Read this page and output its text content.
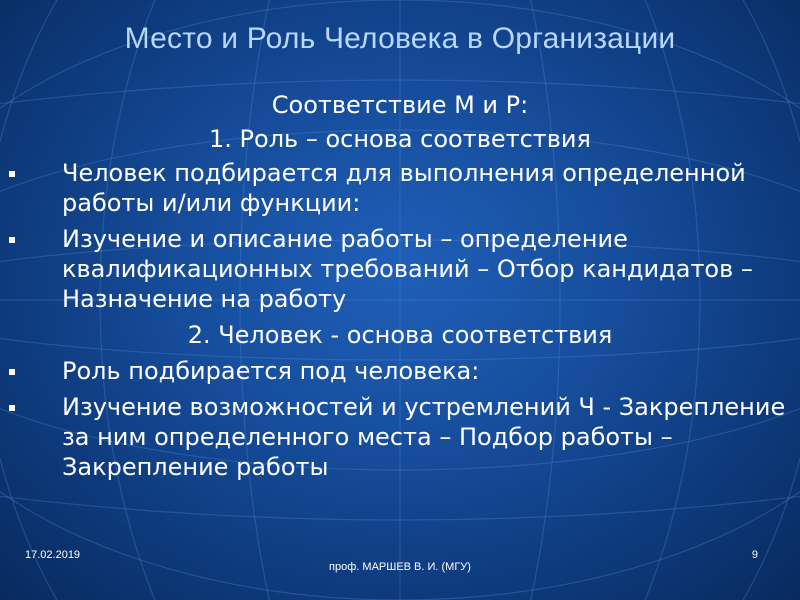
Место и Роль Человека в Организации
Соответствие М и Р:
1. Роль – основа соответствия
Человек подбирается для выполнения определенной работы и/или функции:
Изучение и описание работы – определение квалификационных требований – Отбор кандидатов – Назначение на работу
2. Человек - основа соответствия
Роль подбирается под человека:
Изучение возможностей и устремлений Ч - Закрепление за ним определенного места – Подбор работы – Закрепление работы
17.02.2019
проф. МАРШЕВ В. И. (МГУ)
9
